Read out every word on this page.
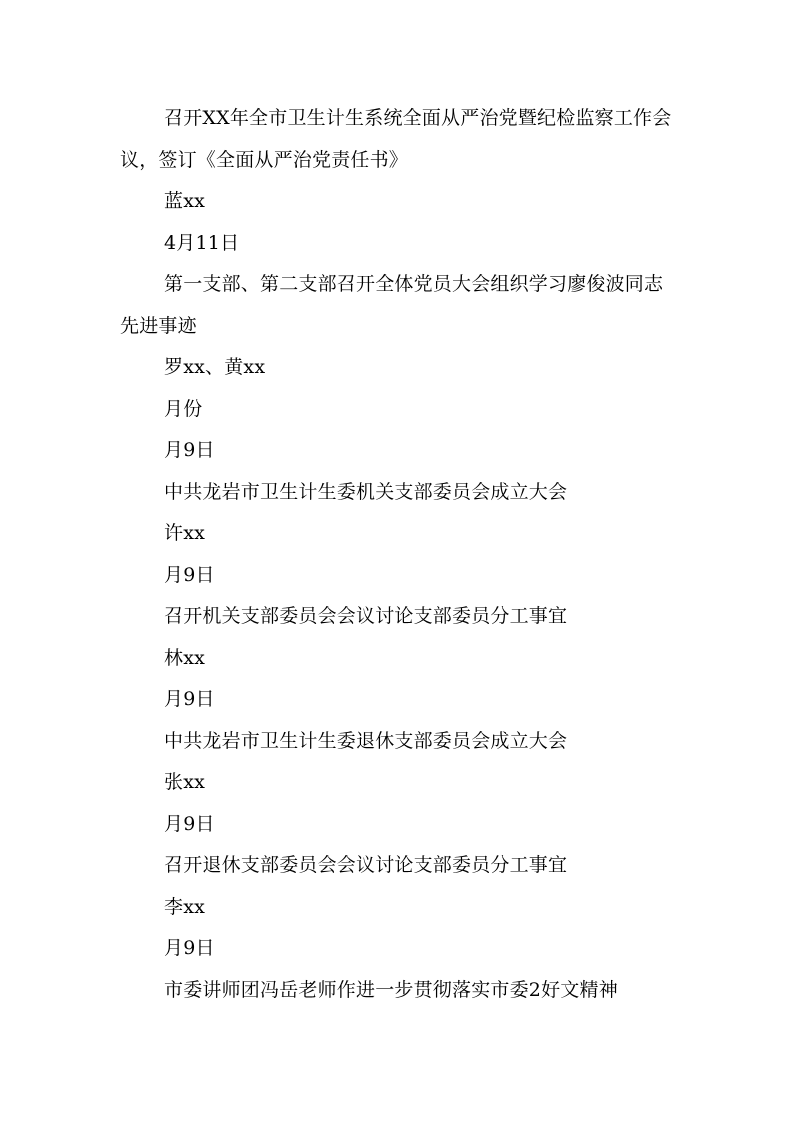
召开XX年全市卫生计生系统全面从严治党暨纪检监察工作会议，签订《全面从严治党责任书》

蓝xx

4月11日

第一支部、第二支部召开全体党员大会组织学习廖俊波同志先进事迹

罗xx、黄xx

月份

月9日

中共龙岩市卫生计生委机关支部委员会成立大会

许xx

月9日

召开机关支部委员会会议讨论支部委员分工事宜

林xx

月9日

中共龙岩市卫生计生委退休支部委员会成立大会

张xx

月9日

召开退休支部委员会会议讨论支部委员分工事宜

李xx

月9日

市委讲师团冯岳老师作进一步贯彻落实市委2好文精神
